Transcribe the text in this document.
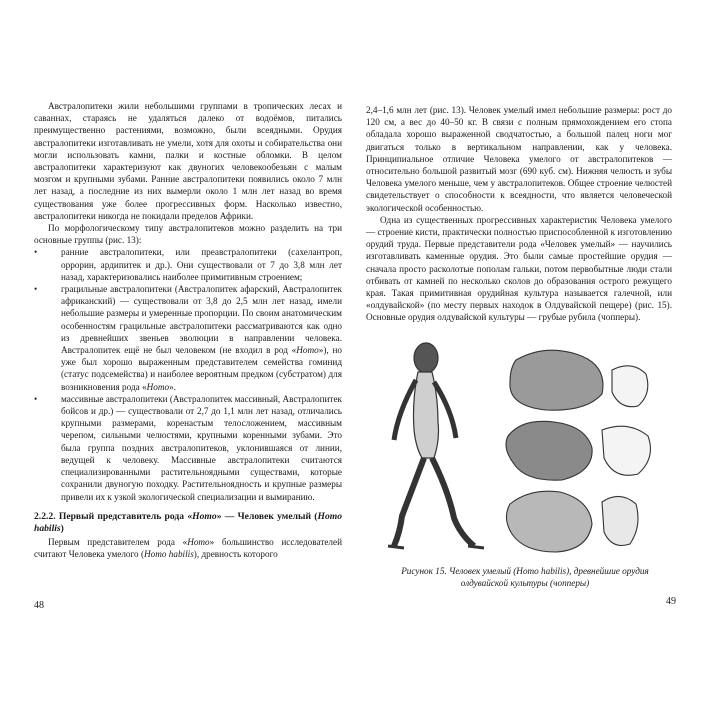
Австралопитеки жили небольшими группами в тропических лесах и саваннах, стараясь не удаляться далеко от водоёмов, питались преимущественно растениями, возможно, были всеядными. Орудия австралопитеки изготавливать не умели, хотя для охоты и собирательства они могли использовать камни, палки и костные обломки. В целом австралопитеки характеризуют как двуногих человекообезьян с малым мозгом и крупными зубами. Ранние австралопитеки появились около 7 млн лет назад, а последние из них вымерли около 1 млн лет назад во время существования уже более прогрессивных форм. Насколько известно, австралопитеки никогда не покидали пределов Африки.

По морфологическому типу австралопитеков можно разделить на три основные группы (рис. 13):

• ранние австралопитеки, или преавстралопитеки (сахелантроп, оррорин, ардипитек и др.). Они существовали от 7 до 3,8 млн лет назад, характеризовались наиболее примитивным строением;
• грацильные австралопитеки (Австралопитек афарский, Австралопитек африканский) — существовали от 3,8 до 2,5 млн лет назад, имели небольшие размеры и умеренные пропорции. По своим анатомическим особенностям грацильные австралопитеки рассматриваются как одно из древнейших звеньев эволюции в направлении человека. Австралопитек ещё не был человеком (не входил в род «Homo»), но уже был хорошо выраженным представителем семейства гоминид (статус подсемейства) и наиболее вероятным предком (субстратом) для возникновения рода «Homo».
• массивные австралопитеки (Австралопитек массивный, Австралопитек бойсов и др.) — существовали от 2,7 до 1,1 млн лет назад, отличались крупными размерами, коренастым телосложением, массивным черепом, сильными челюстями, крупными коренными зубами. Это была группа поздних австралопитеков, уклонившаяся от линии, ведущей к человеку. Массивные австралопитеки считаются специализированными растительноядными существами, которые сохранили двуногую походку. Растительноядность и крупные размеры привели их к узкой экологической специализации и вымиранию.

2.2.2. Первый представитель рода «Homo» — Человек умелый (Homo habilis)

Первым представителем рода «Homo» большинство исследователей считают Человека умелого (Homo habilis), древность которого

48

2,4–1,6 млн лет (рис. 13). Человек умелый имел небольшие размеры: рост до 120 см, а вес до 40–50 кг. В связи с полным прямохождением его стопа обладала хорошо выраженной сводчатостью, а большой палец ноги мог двигаться только в вертикальном направлении, как у человека. Принципиальное отличие Человека умелого от австралопитеков — относительно большой развитый мозг (690 куб. см). Нижняя челюсть и зубы Человека умелого меньше, чем у австралопитеков. Общее строение челюстей свидетельствует о способности к всеядности, что является человеческой экологической особенностью.

Одна из существенных прогрессивных характеристик Человека умелого — строение кисти, практически полностью приспособленной к изготовлению орудий труда. Первые представители рода «Человек умелый» — научились изготавливать каменные орудия. Это были самые простейшие орудия — сначала просто расколотые пополам гальки, потом первобытные люди стали отбивать от камней по несколько сколов до образования острого режущего края. Такая примитивная орудийная культура называется галечной, или «олдувайской» (по месту первых находок в Олдувайской пещере) (рис. 15). Основные орудия олдувайской культуры — грубые рубила (чопперы).

Рисунок 15. Человек умелый (Homo habilis), древнейшие орудия олдувайской культуры (чопперы)
49
